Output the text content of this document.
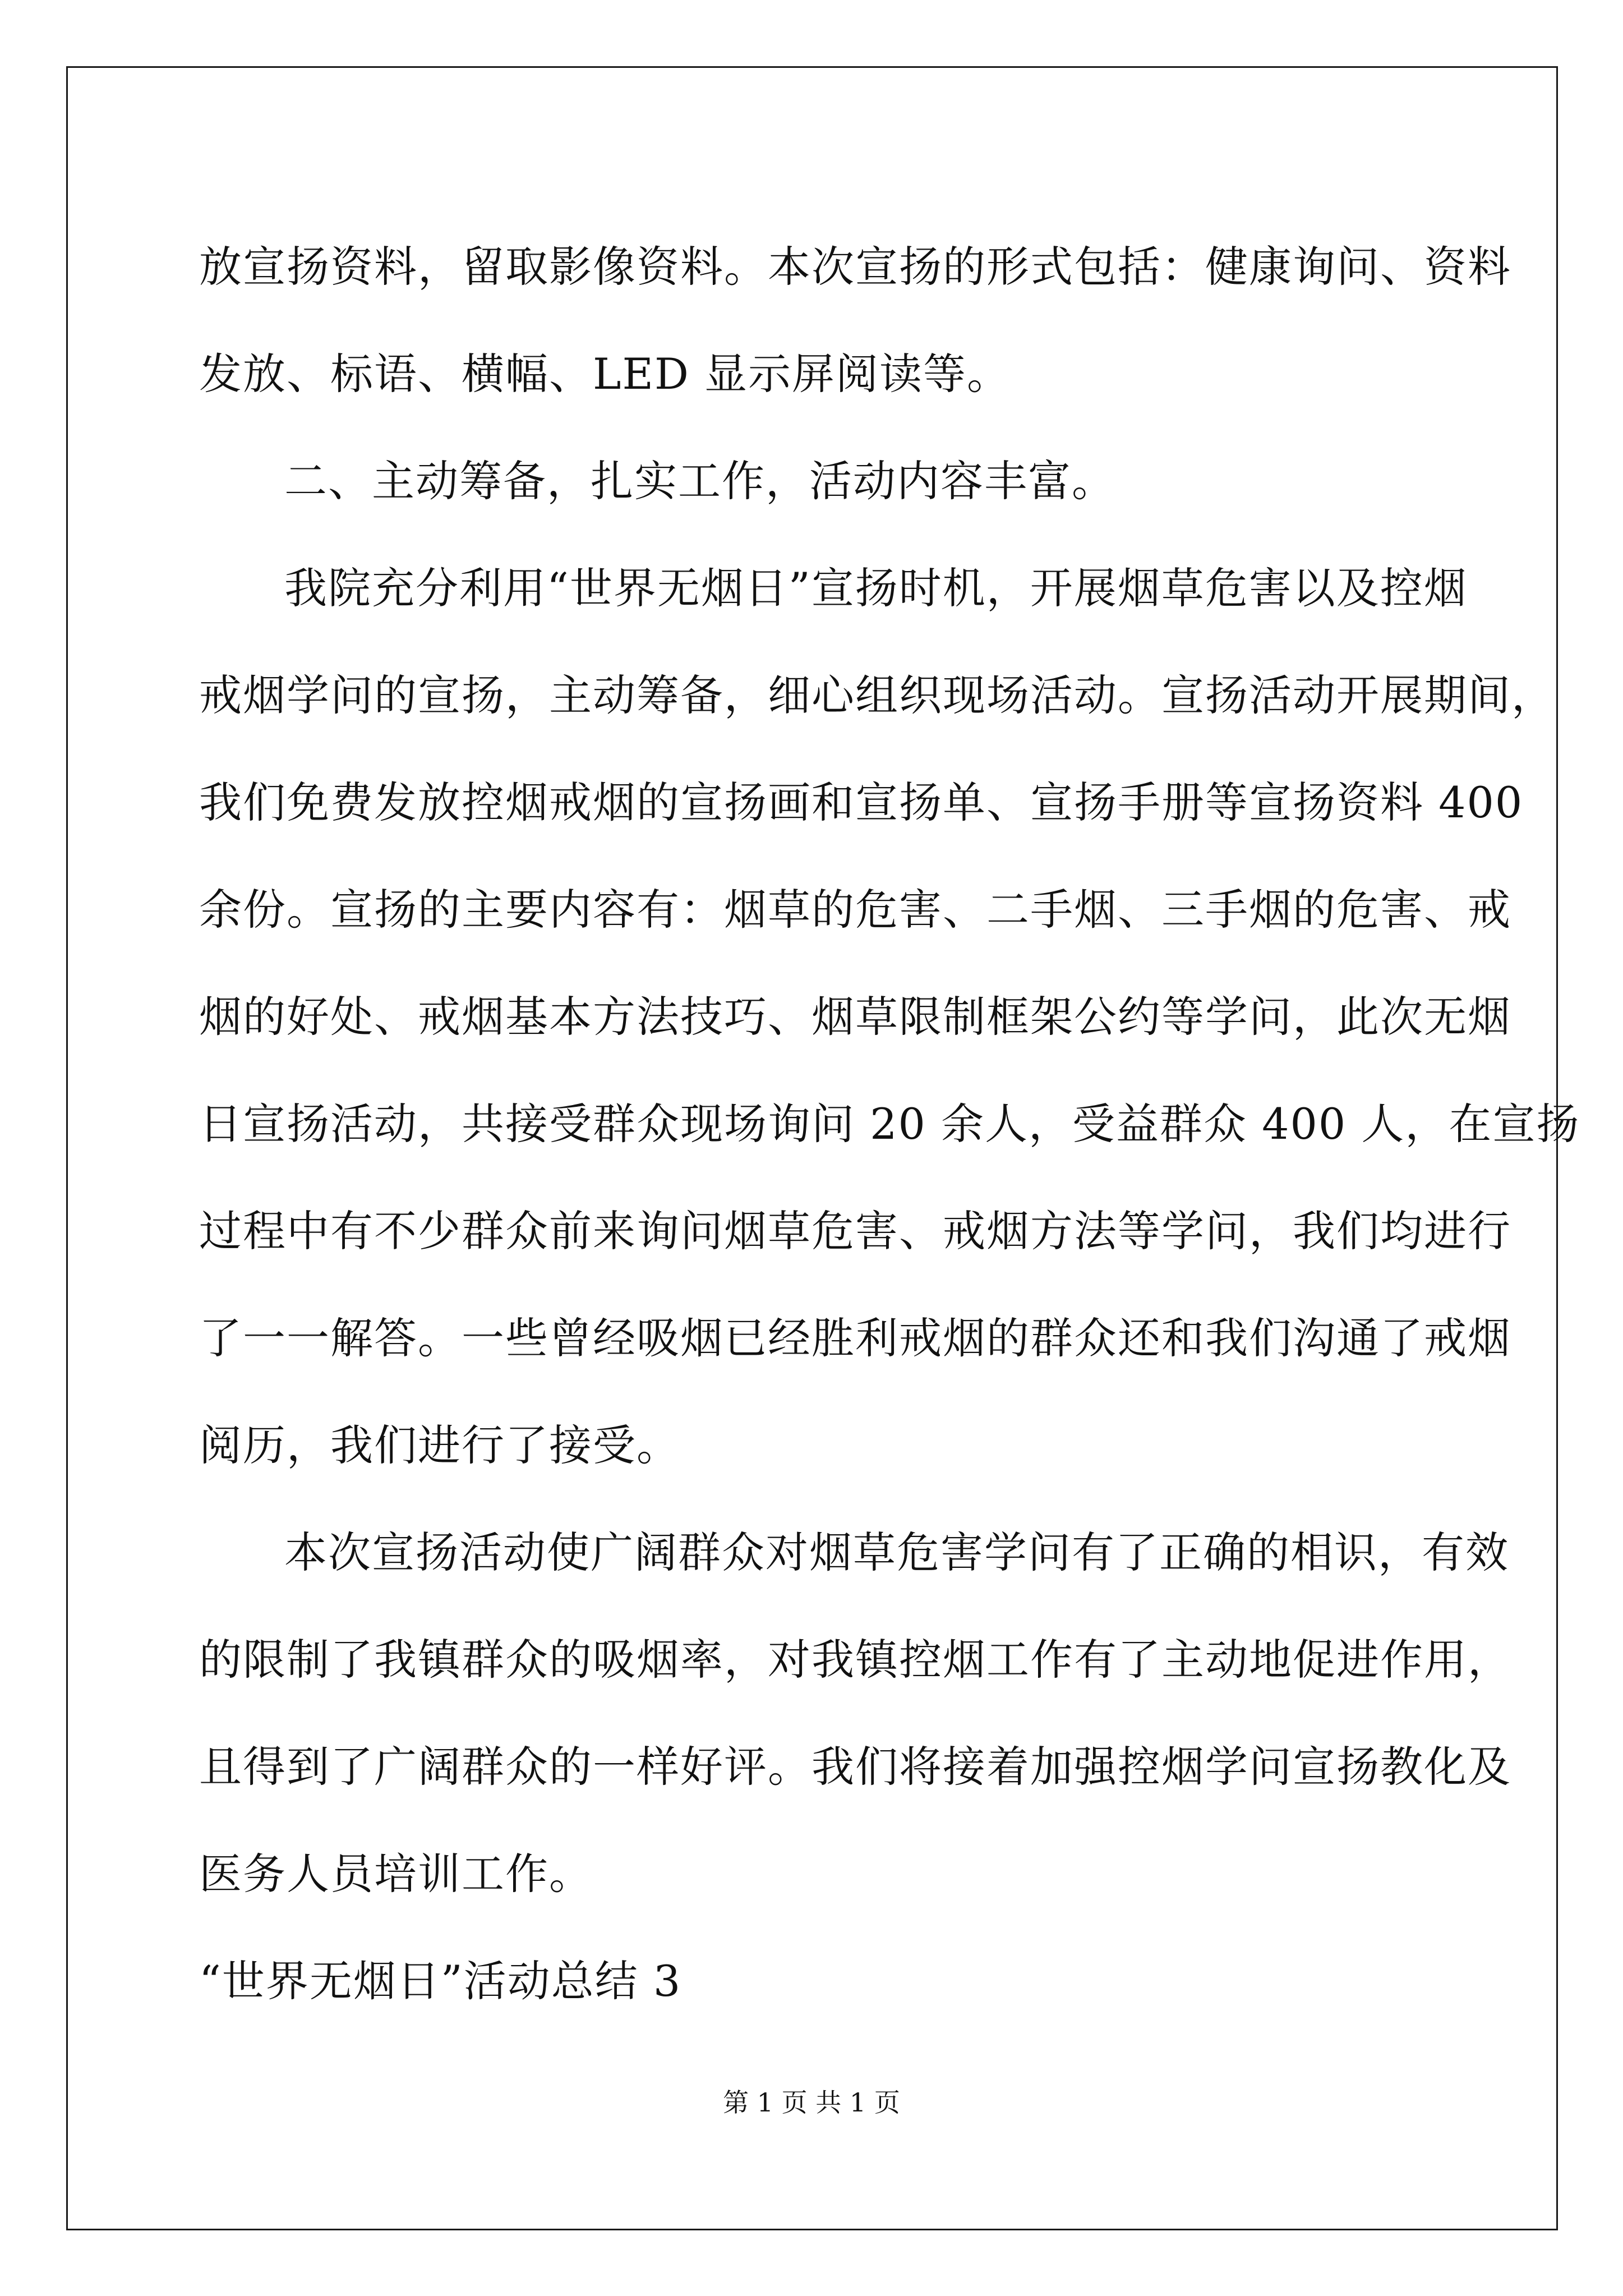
放宣扬资料，留取影像资料。本次宣扬的形式包括：健康询问、资料
发放、标语、横幅、LED 显示屏阅读等。

二、主动筹备，扎实工作，活动内容丰富。

我院充分利用“世界无烟日”宣扬时机，开展烟草危害以及控烟
戒烟学问的宣扬，主动筹备，细心组织现场活动。宣扬活动开展期间，
我们免费发放控烟戒烟的宣扬画和宣扬单、宣扬手册等宣扬资料 400
余份。宣扬的主要内容有：烟草的危害、二手烟、三手烟的危害、戒
烟的好处、戒烟基本方法技巧、烟草限制框架公约等学问，此次无烟
日宣扬活动，共接受群众现场询问 20 余人，受益群众 400 人，在宣扬
过程中有不少群众前来询问烟草危害、戒烟方法等学问，我们均进行
了一一解答。一些曾经吸烟已经胜利戒烟的群众还和我们沟通了戒烟
阅历，我们进行了接受。

本次宣扬活动使广阔群众对烟草危害学问有了正确的相识，有效
的限制了我镇群众的吸烟率，对我镇控烟工作有了主动地促进作用，
且得到了广阔群众的一样好评。我们将接着加强控烟学问宣扬教化及
医务人员培训工作。

“世界无烟日”活动总结 3

第 1 页 共 1 页
